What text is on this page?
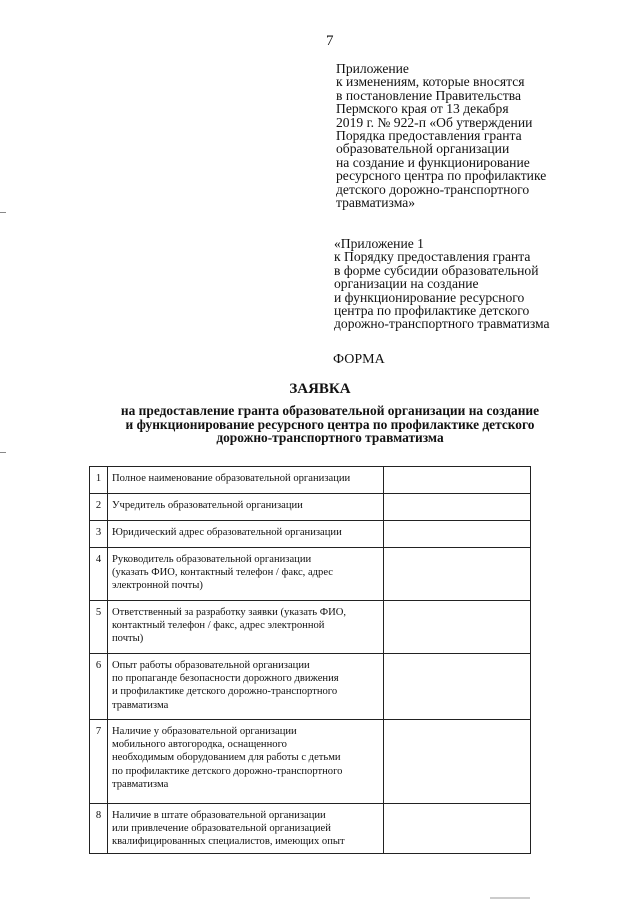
7
Приложение
к изменениям, которые вносятся
в постановление Правительства
Пермского края от 13 декабря
2019 г. № 922-п «Об утверждении
Порядка предоставления гранта
образовательной организации
на создание и функционирование
ресурсного центра по профилактике
детского дорожно-транспортного
травматизма»
«Приложение 1
к Порядку предоставления гранта
в форме субсидии образовательной
организации на создание
и функционирование ресурсного
центра по профилактике детского
дорожно-транспортного травматизма
ФОРМА
ЗАЯВКА
на предоставление гранта образовательной организации на создание
и функционирование ресурсного центра по профилактике детского
дорожно-транспортного травматизма
1	Полное наименование образовательной организации	

2	Учредитель образовательной организации	

3	Юридический адрес образовательной организации	

4	Руководитель образовательной организации
(указать ФИО, контактный телефон / факс, адрес
электронной почты)	

5	Ответственный за разработку заявки (указать ФИО,
контактный телефон / факс, адрес электронной
почты)	

6	Опыт работы образовательной организации
по пропаганде безопасности дорожного движения
и профилактике детского дорожно-транспортного
травматизма	

7	Наличие у образовательной организации
мобильного автогородка, оснащенного
необходимым оборудованием для работы с детьми
по профилактике детского дорожно-транспортного
травматизма	

8	Наличие в штате образовательной организации
или привлечение образовательной организацией
квалифицированных специалистов, имеющих опыт	
